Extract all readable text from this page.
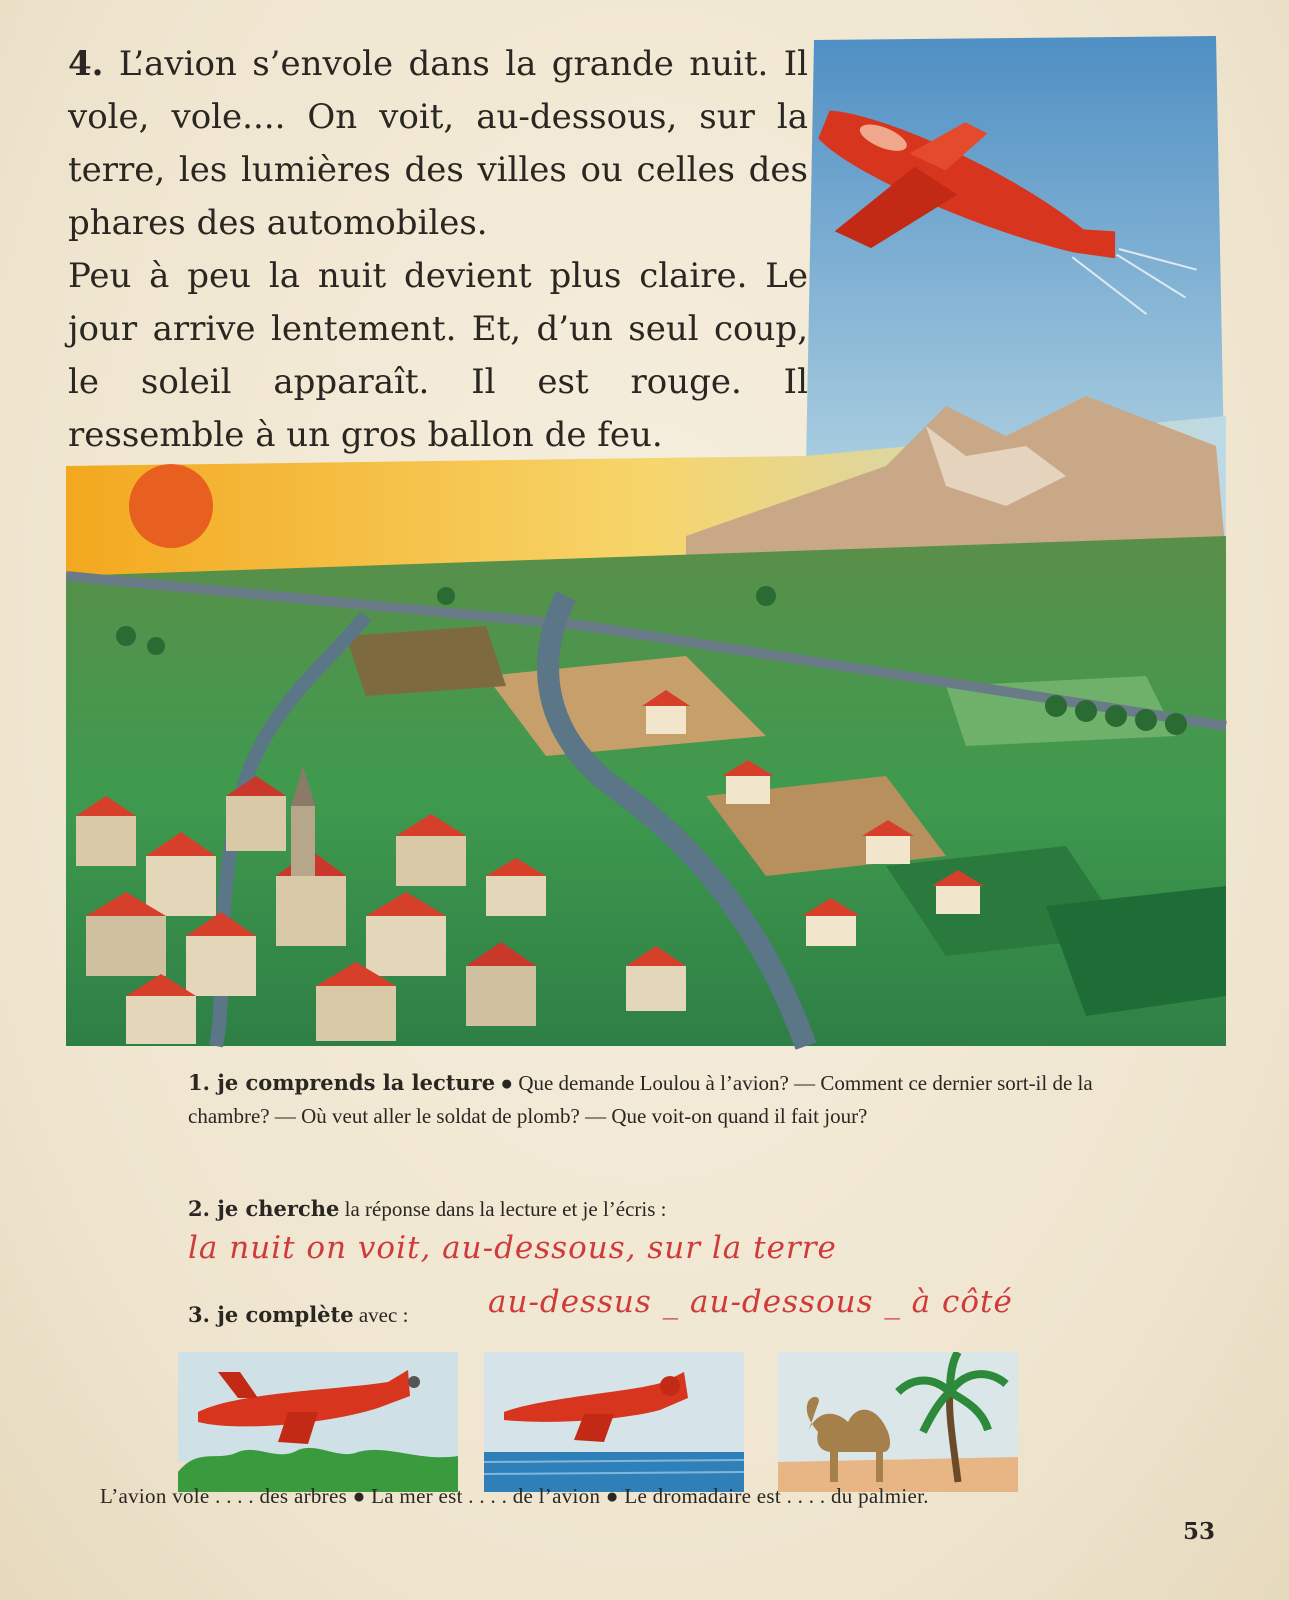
4. L’avion s’envole dans la grande nuit. Il vole, vole.... On voit, au-dessous, sur la terre, les lumières des villes ou celles des phares des automobiles.

Peu à peu la nuit devient plus claire. Le jour arrive lentement. Et, d’un seul coup, le soleil apparaît. Il est rouge. Il ressemble à un gros ballon de feu.

1. je comprends la lecture ● Que demande Loulou à l’avion? — Comment ce dernier sort-il de la chambre? — Où veut aller le soldat de plomb? — Que voit-on quand il fait jour?
2. je cherche la réponse dans la lecture et je l’écris :
la nuit on voit, au-dessous, sur la terre
3. je complète avec :	au-dessus _ au-dessous _ à côté
L’avion vole . . . . des arbres ● La mer est . . . . de l’avion ● Le dromadaire est . . . . du palmier.
53
